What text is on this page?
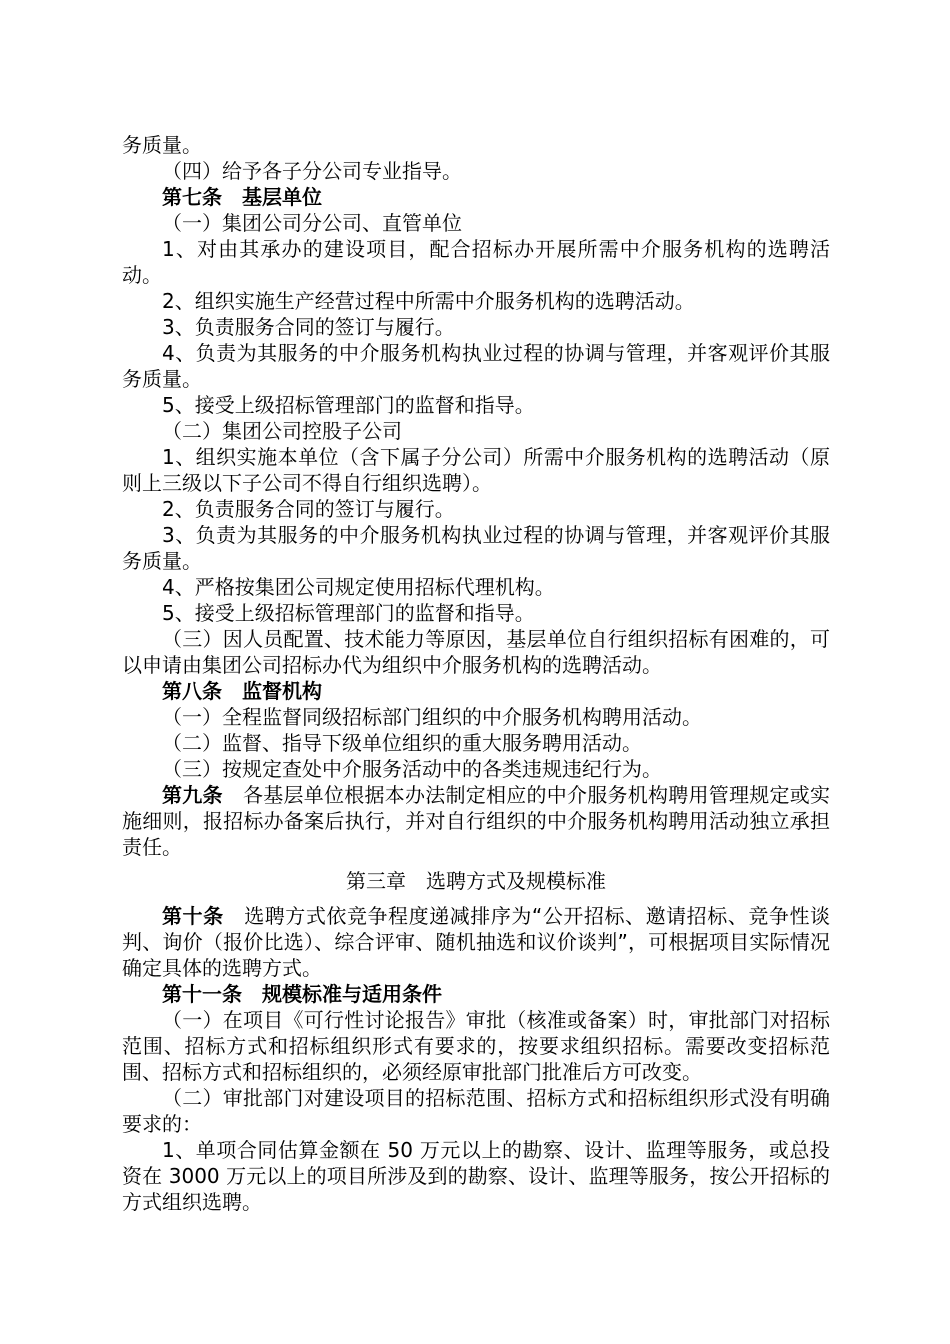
务质量。

（四）给予各子分公司专业指导。

第七条　基层单位

（一）集团公司分公司、直管单位

1、对由其承办的建设项目，配合招标办开展所需中介服务机构的选聘活动。

2、组织实施生产经营过程中所需中介服务机构的选聘活动。

3、负责服务合同的签订与履行。

4、负责为其服务的中介服务机构执业过程的协调与管理，并客观评价其服务质量。

5、接受上级招标管理部门的监督和指导。

（二）集团公司控股子公司

1、组织实施本单位（含下属子分公司）所需中介服务机构的选聘活动（原则上三级以下子公司不得自行组织选聘）。

2、负责服务合同的签订与履行。

3、负责为其服务的中介服务机构执业过程的协调与管理，并客观评价其服务质量。

4、严格按集团公司规定使用招标代理机构。

5、接受上级招标管理部门的监督和指导。

（三）因人员配置、技术能力等原因，基层单位自行组织招标有困难的，可以申请由集团公司招标办代为组织中介服务机构的选聘活动。

第八条　监督机构

（一）全程监督同级招标部门组织的中介服务机构聘用活动。

（二）监督、指导下级单位组织的重大服务聘用活动。

（三）按规定查处中介服务活动中的各类违规违纪行为。

第九条　各基层单位根据本办法制定相应的中介服务机构聘用管理规定或实施细则，报招标办备案后执行，并对自行组织的中介服务机构聘用活动独立承担责任。

第三章　选聘方式及规模标准

第十条　选聘方式依竞争程度递减排序为“公开招标、邀请招标、竞争性谈判、询价（报价比选）、综合评审、随机抽选和议价谈判”，可根据项目实际情况确定具体的选聘方式。

第十一条　规模标准与适用条件

（一）在项目《可行性讨论报告》审批（核准或备案）时，审批部门对招标范围、招标方式和招标组织形式有要求的，按要求组织招标。需要改变招标范围、招标方式和招标组织的，必须经原审批部门批准后方可改变。

（二）审批部门对建设项目的招标范围、招标方式和招标组织形式没有明确要求的：

1、单项合同估算金额在 50 万元以上的勘察、设计、监理等服务，或总投资在 3000 万元以上的项目所涉及到的勘察、设计、监理等服务，按公开招标的方式组织选聘。
